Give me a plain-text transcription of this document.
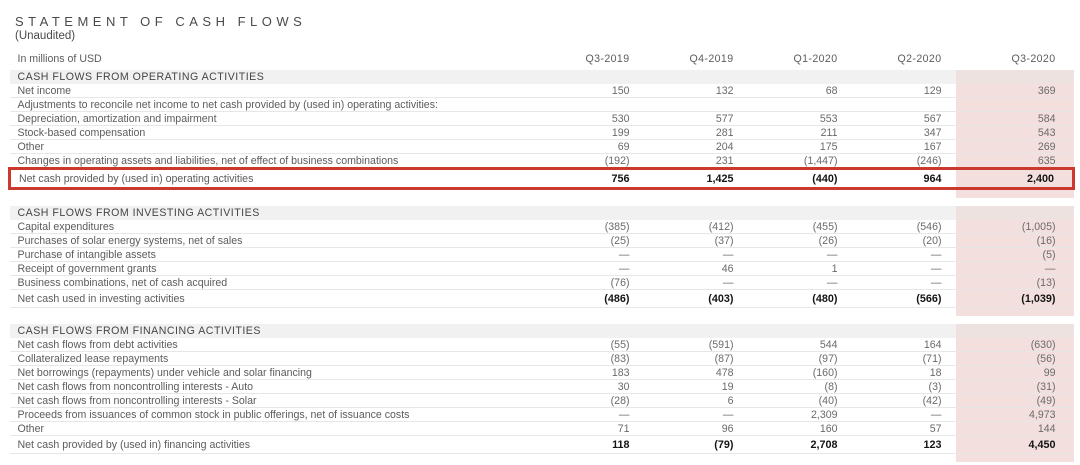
STATEMENT OF CASH FLOWS
(Unaudited)
In millions of USD	Q3-2019	Q4-2019	Q1-2020	Q2-2020	Q3-2020
CASH FLOWS FROM OPERATING ACTIVITIES					
Net income	150	132	68	129	369
Adjustments to reconcile net income to net cash provided by (used in) operating activities:					
Depreciation, amortization and impairment	530	577	553	567	584
Stock-based compensation	199	281	211	347	543
Other	69	204	175	167	269
Changes in operating assets and liabilities, net of effect of business combinations	(192)	231	(1,447)	(246)	635
Net cash provided by (used in) operating activities	756	1,425	(440)	964	2,400

CASH FLOWS FROM INVESTING ACTIVITIES					
Capital expenditures	(385)	(412)	(455)	(546)	(1,005)
Purchases of solar energy systems, net of sales	(25)	(37)	(26)	(20)	(16)
Purchase of intangible assets	—	—	—	—	(5)
Receipt of government grants	—	46	1	—	—
Business combinations, net of cash acquired	(76)	—	—	—	(13)
Net cash used in investing activities	(486)	(403)	(480)	(566)	(1,039)

CASH FLOWS FROM FINANCING ACTIVITIES					
Net cash flows from debt activities	(55)	(591)	544	164	(630)
Collateralized lease repayments	(83)	(87)	(97)	(71)	(56)
Net borrowings (repayments) under vehicle and solar financing	183	478	(160)	18	99
Net cash flows from noncontrolling interests - Auto	30	19	(8)	(3)	(31)
Net cash flows from noncontrolling interests - Solar	(28)	6	(40)	(42)	(49)
Proceeds from issuances of common stock in public offerings, net of issuance costs	—	—	2,309	—	4,973
Other	71	96	160	57	144
Net cash provided by (used in) financing activities	118	(79)	2,708	123	4,450
